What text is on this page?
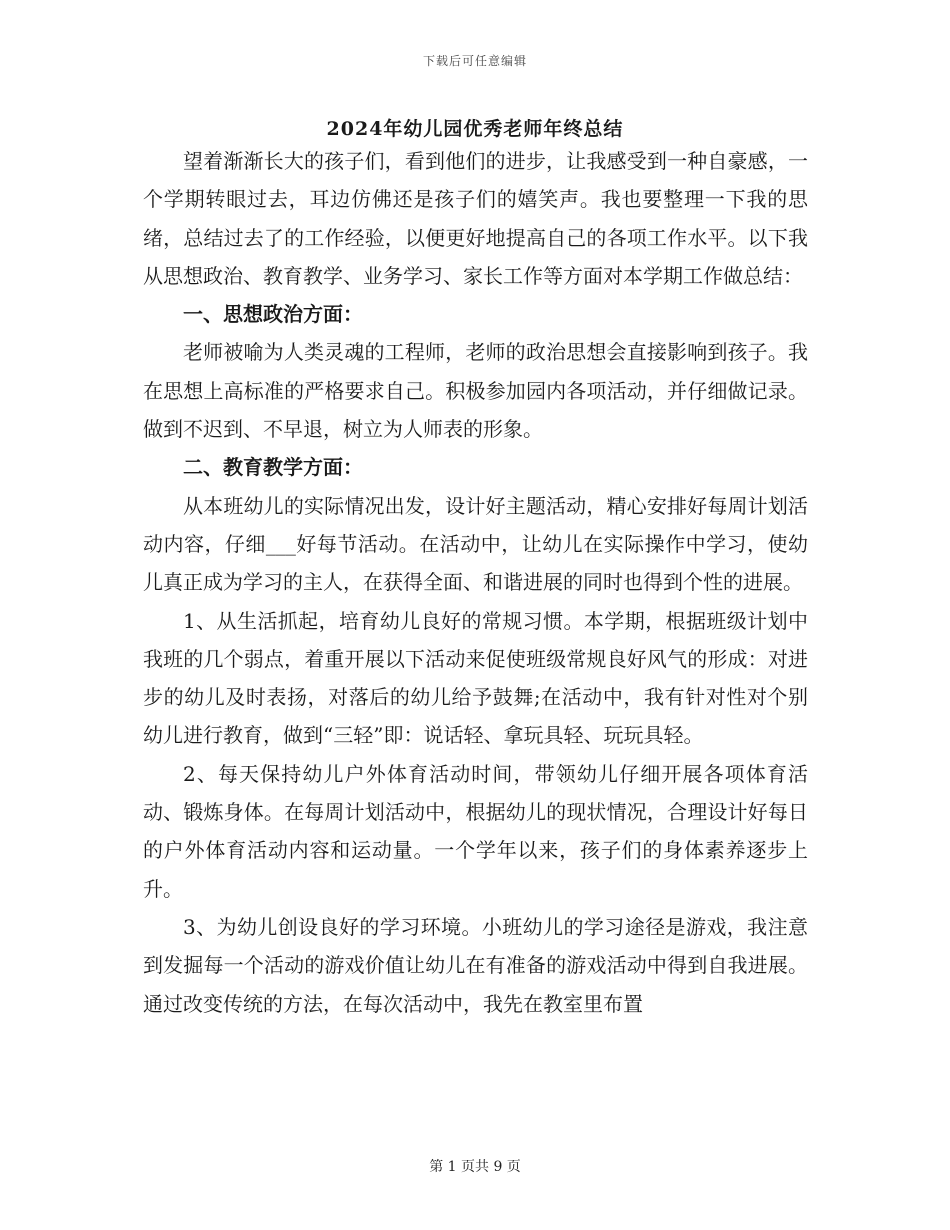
下载后可任意编辑
2024年幼儿园优秀老师年终总结

望着渐渐长大的孩子们，看到他们的进步，让我感受到一种自豪感，一个学期转眼过去，耳边仿佛还是孩子们的嬉笑声。我也要整理一下我的思绪，总结过去了的工作经验，以便更好地提高自己的各项工作水平。以下我从思想政治、教育教学、业务学习、家长工作等方面对本学期工作做总结：

一、思想政治方面：

老师被喻为人类灵魂的工程师，老师的政治思想会直接影响到孩子。我在思想上高标准的严格要求自己。积极参加园内各项活动，并仔细做记录。做到不迟到、不早退，树立为人师表的形象。

二、教育教学方面：

从本班幼儿的实际情况出发，设计好主题活动，精心安排好每周计划活动内容，仔细___好每节活动。在活动中，让幼儿在实际操作中学习，使幼儿真正成为学习的主人，在获得全面、和谐进展的同时也得到个性的进展。

1、从生活抓起，培育幼儿良好的常规习惯。本学期，根据班级计划中我班的几个弱点，着重开展以下活动来促使班级常规良好风气的形成：对进步的幼儿及时表扬，对落后的幼儿给予鼓舞;在活动中，我有针对性对个别幼儿进行教育，做到“三轻”即：说话轻、拿玩具轻、玩玩具轻。

2、每天保持幼儿户外体育活动时间，带领幼儿仔细开展各项体育活动、锻炼身体。在每周计划活动中，根据幼儿的现状情况，合理设计好每日的户外体育活动内容和运动量。一个学年以来，孩子们的身体素养逐步上升。

3、为幼儿创设良好的学习环境。小班幼儿的学习途径是游戏，我注意到发掘每一个活动的游戏价值让幼儿在有准备的游戏活动中得到自我进展。通过改变传统的方法，在每次活动中，我先在教室里布置

第 1 页共 9 页
